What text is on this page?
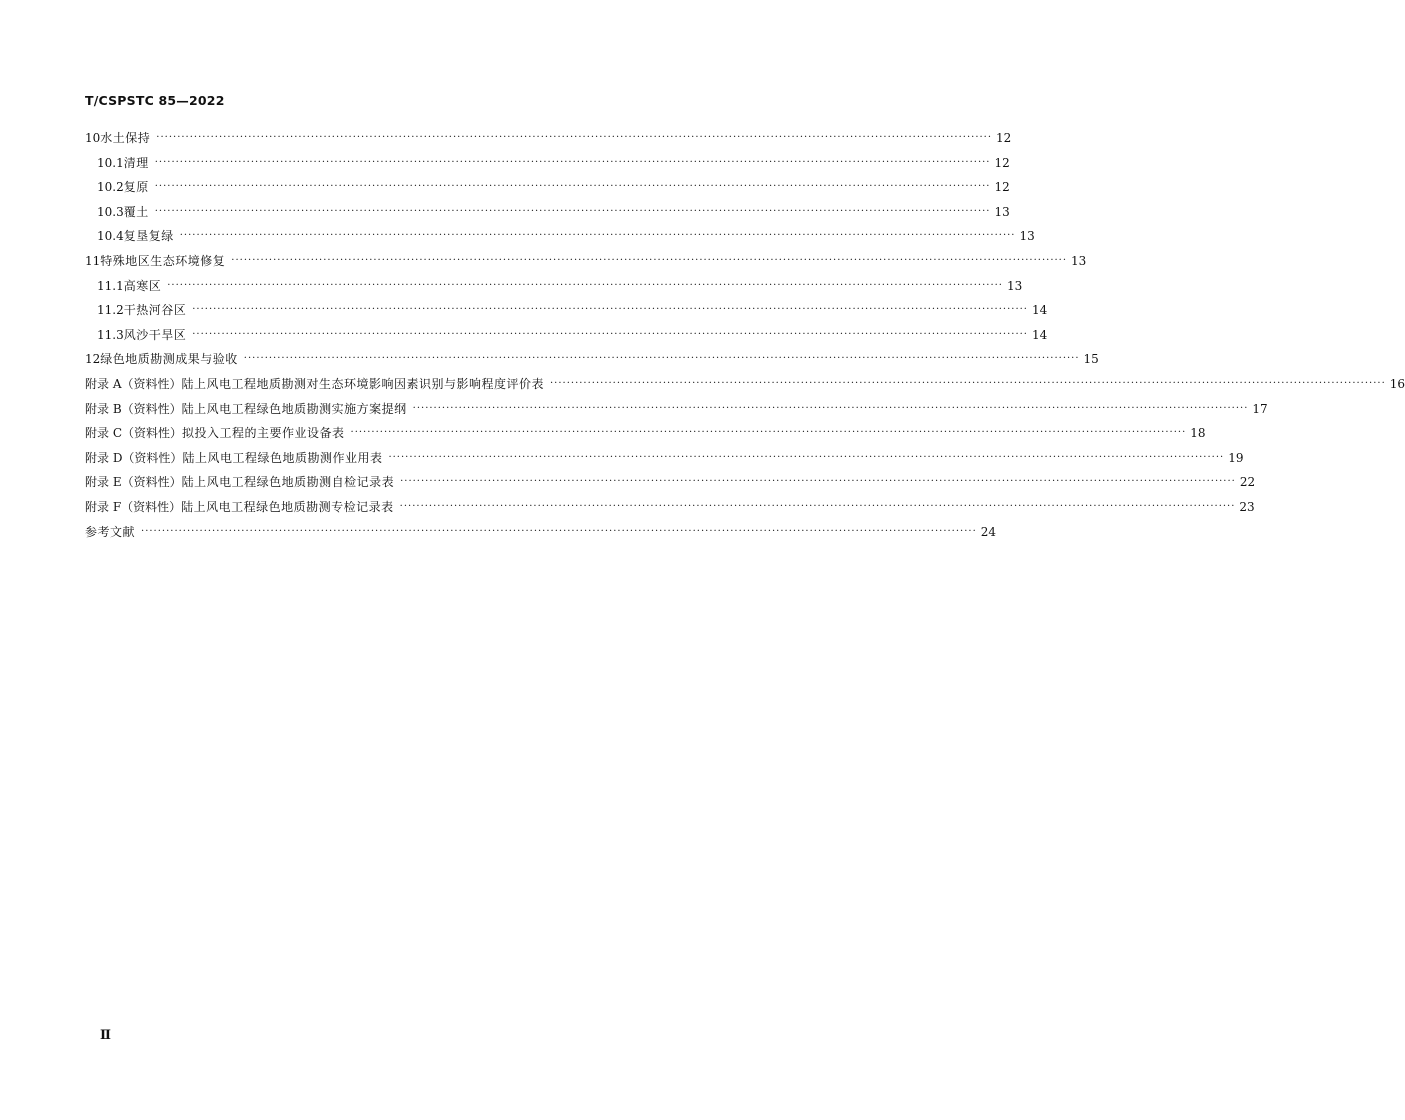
T/CSPSTC 85—2022
10 水土保持 ········································································································································································································ 12
10.1 清理 ········································································································································································································ 12
10.2 复原 ········································································································································································································ 12
10.3 覆土 ········································································································································································································ 13
10.4 复垦复绿 ········································································································································································································ 13
11 特殊地区生态环境修复 ········································································································································································································ 13
11.1 高寒区 ········································································································································································································ 13
11.2 干热河谷区 ········································································································································································································ 14
11.3 风沙干旱区 ········································································································································································································ 14
12 绿色地质勘测成果与验收 ········································································································································································································ 15
附录 A（资料性） 陆上风电工程地质勘测对生态环境影响因素识别与影响程度评价表 ········································································································································································································ 16
附录 B（资料性） 陆上风电工程绿色地质勘测实施方案提纲 ········································································································································································································ 17
附录 C（资料性） 拟投入工程的主要作业设备表 ········································································································································································································ 18
附录 D（资料性） 陆上风电工程绿色地质勘测作业用表 ········································································································································································································ 19
附录 E（资料性） 陆上风电工程绿色地质勘测自检记录表 ········································································································································································································ 22
附录 F（资料性） 陆上风电工程绿色地质勘测专检记录表 ········································································································································································································ 23
参考文献 ········································································································································································································ 24
Ⅱ
